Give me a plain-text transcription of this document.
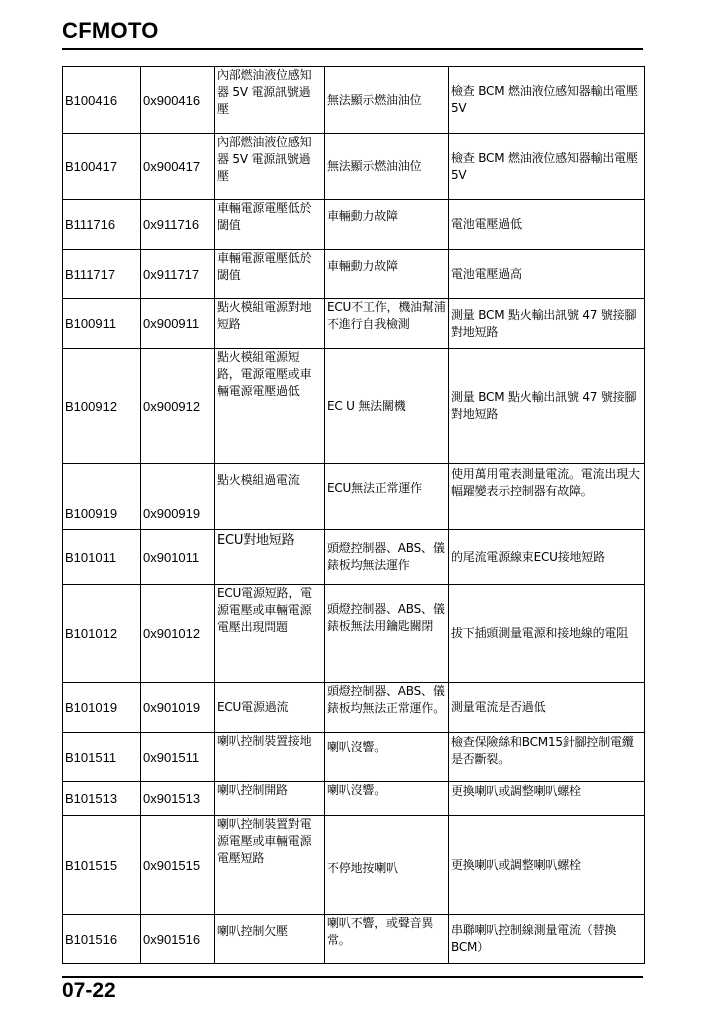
CFMOTO
B100416	0x900416	內部燃油液位感知器 5V 電源訊號過壓	無法顯示燃油油位	檢查 BCM 燃油液位感知器輸出電壓 5V
B100417	0x900417	內部燃油液位感知器 5V 電源訊號過壓	無法顯示燃油油位	檢查 BCM 燃油液位感知器輸出電壓 5V
B111716	0x911716	車輛電源電壓低於閾值	車輛動力故障	電池電壓過低
B111717	0x911717	車輛電源電壓低於閾值	車輛動力故障	電池電壓過高
B100911	0x900911	點火模組電源對地短路	ECU不工作，機油幫浦不進行自我檢測	測量 BCM 點火輸出訊號 47 號接腳對地短路
B100912	0x900912	點火模組電源短路，電源電壓或車輛電源電壓過低	EC U 無法關機	測量 BCM 點火輸出訊號 47 號接腳對地短路
B100919	0x900919	點火模組過電流	ECU無法正常運作	使用萬用電表測量電流。電流出現大幅躍變表示控制器有故障。
B101011	0x901011	ECU對地短路	頭燈控制器、ABS、儀錶板均無法運作	的尾流電源線束ECU接地短路
B101012	0x901012	ECU電源短路，電源電壓或車輛電源電壓出現問題	頭燈控制器、ABS、儀錶板無法用鑰匙關閉	拔下插頭測量電源和接地線的電阻
B101019	0x901019	ECU電源過流	頭燈控制器、ABS、儀錶板均無法正常運作。	測量電流是否過低
B101511	0x901511	喇叭控制裝置接地	喇叭沒響。	檢查保險絲和BCM15針腳控制電纜是否斷裂。
B101513	0x901513	喇叭控制開路	喇叭沒響。	更換喇叭或調整喇叭螺栓
B101515	0x901515	喇叭控制裝置對電源電壓或車輛電源電壓短路	不停地按喇叭	更換喇叭或調整喇叭螺栓
B101516	0x901516	喇叭控制欠壓	喇叭不響，或聲音異常。	串聯喇叭控制線測量電流（替換 BCM）
07-22
